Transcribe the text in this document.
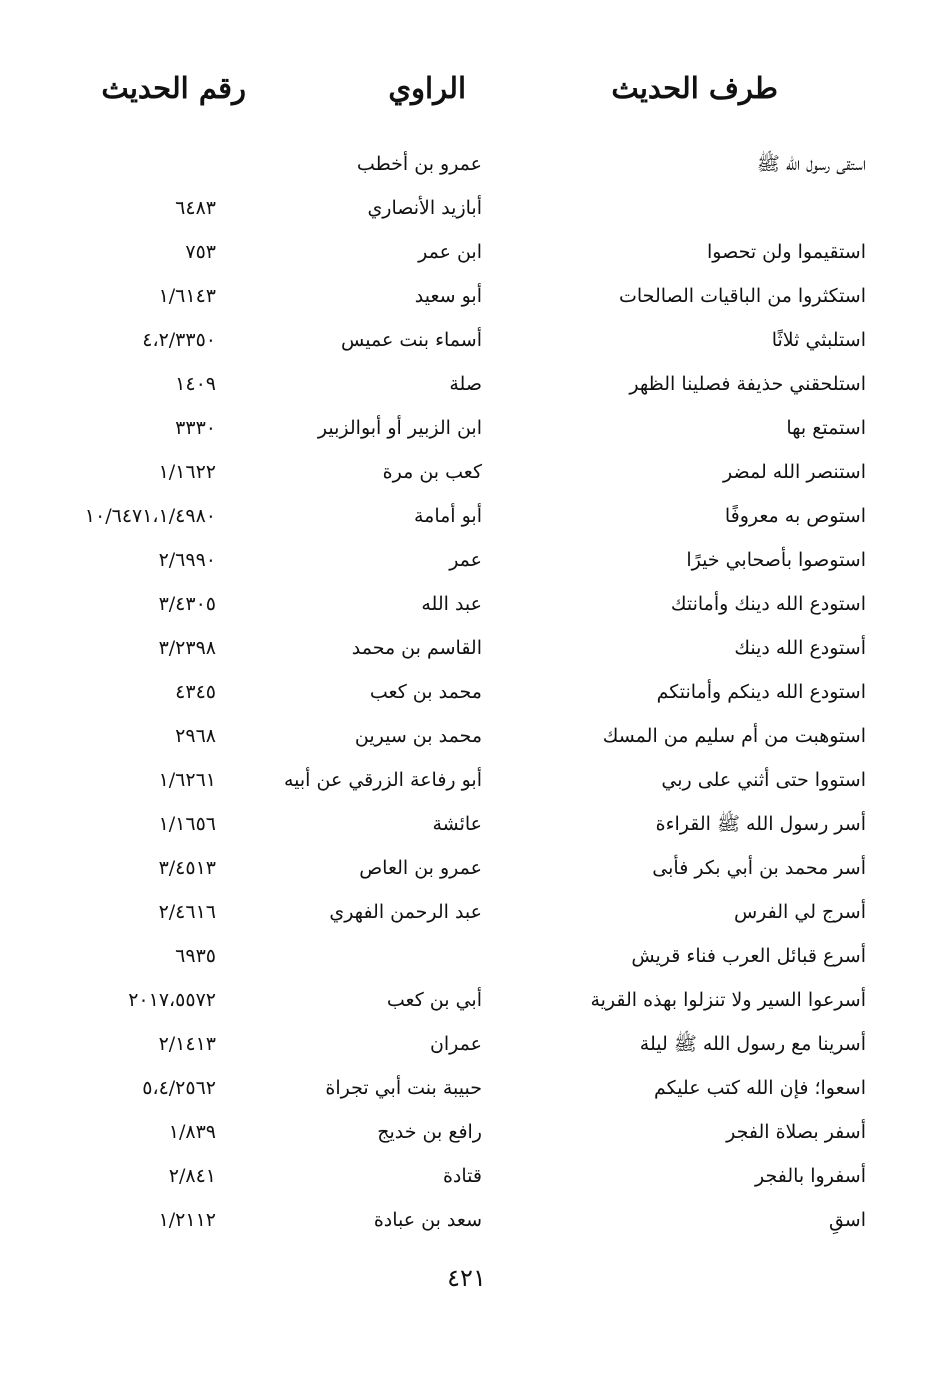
طرف الحديث
الراوي
رقم الحديث
استقى رسول الله ﷺ
عمرو بن أخطب
أبازيد الأنصاري
٦٤٨٣
استقيموا ولن تحصوا
ابن عمر
٧٥٣
استكثروا من الباقيات الصالحات
أبو سعيد
١/٦١٤٣
استلبثي ثلاثًا
أسماء بنت عميس
٤،٢/٣٣٥٠
استلحقني حذيفة فصلينا الظهر
صلة
١٤٠٩
استمتع بها
ابن الزبير أو أبوالزبير
٣٣٣٠
استنصر الله لمضر
كعب بن مرة
١/١٦٢٢
استوص به معروفًا
أبو أمامة
١٠/٦٤٧١،١/٤٩٨٠
استوصوا بأصحابي خيرًا
عمر
٢/٦٩٩٠
استودع الله دينك وأمانتك
عبد الله
٣/٤٣٠٥
أستودع الله دينك
القاسم بن محمد
٣/٢٣٩٨
استودع الله دينكم وأمانتكم
محمد بن كعب
٤٣٤٥
استوهبت من أم سليم من المسك
محمد بن سيرين
٢٩٦٨
استووا حتى أثني على ربي
أبو رفاعة الزرقي عن أبيه
١/٦٢٦١
أسر رسول الله ﷺ القراءة
عائشة
١/١٦٥٦
أسر محمد بن أبي بكر فأبى
عمرو بن العاص
٣/٤٥١٣
أسرج لي الفرس
عبد الرحمن الفهري
٢/٤٦١٦
أسرع قبائل العرب فناء قريش
٦٩٣٥
أسرعوا السير ولا تنزلوا بهذه القرية
أبي بن كعب
٢٠١٧،٥٥٧٢
أسرينا مع رسول الله ﷺ ليلة
عمران
٢/١٤١٣
اسعوا؛ فإن الله كتب عليكم
حبيبة بنت أبي تجراة
٥،٤/٢٥٦٢
أسفر بصلاة الفجر
رافع بن خديج
١/٨٣٩
أسفروا بالفجر
قتادة
٢/٨٤١
اسقِ
سعد بن عبادة
١/٢١١٢
٤٢١
